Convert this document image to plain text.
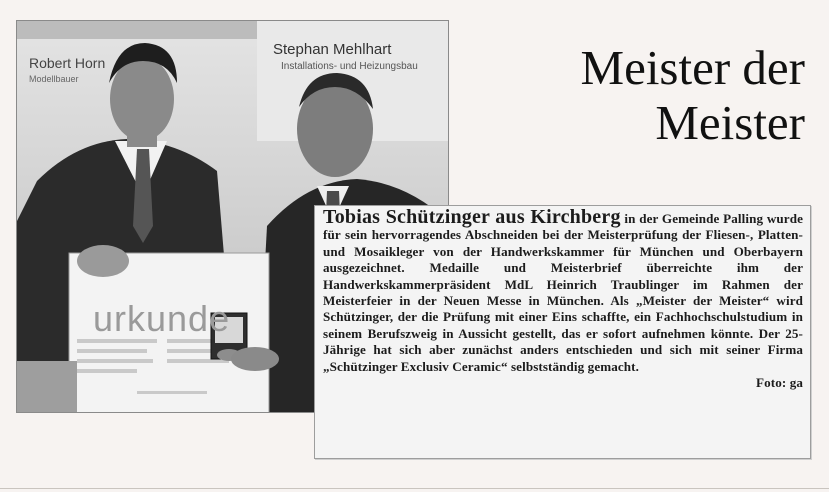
Robert Horn
Modellbauer
Stephan Mehlhart
Installations- und Heizungsbau
urkunde
Meister der
Meister
Tobias Schützinger aus Kirchberg in der Gemeinde Palling wurde für sein hervorragendes Abschneiden bei der Meisterprüfung der Fliesen-, Platten- und Mosaikleger von der Handwerkskammer für München und Oberbayern ausgezeichnet. Medaille und Meisterbrief überreichte ihm der Handwerkskammerpräsident MdL Heinrich Traublinger im Rahmen der Meisterfeier in der Neuen Messe in München. Als „Meister der Meister“ wird Schützinger, der die Prüfung mit einer Eins schaffte, ein Fachhochschulstudium in seinem Berufszweig in Aussicht gestellt, das er sofort aufnehmen könnte. Der 25-Jährige hat sich aber zunächst anders entschieden und sich mit seiner Firma „Schützinger Exclusiv Ceramic“ selbstständig gemacht.
Foto: ga
